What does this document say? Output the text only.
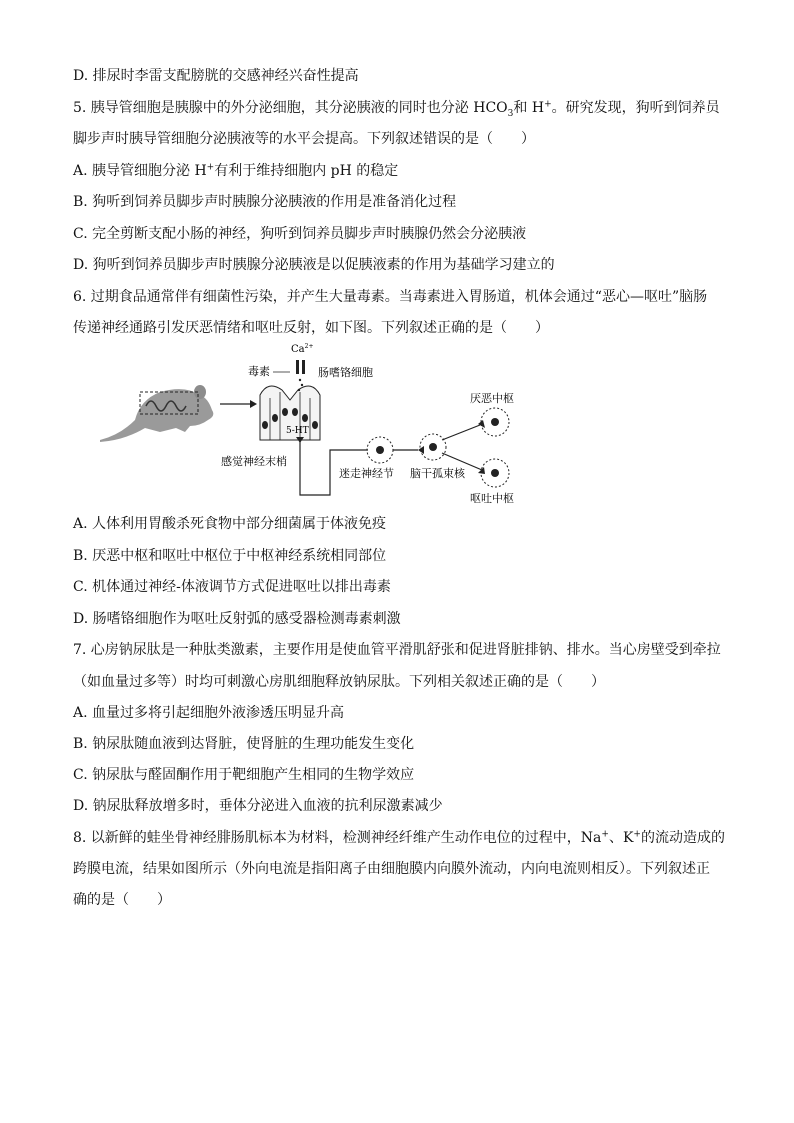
D. 排尿时李雷支配膀胱的交感神经兴奋性提高
5. 胰导管细胞是胰腺中的外分泌细胞，其分泌胰液的同时也分泌 $HCO_3$和 H+。研究发现，狗听到饲养员
脚步声时胰导管细胞分泌胰液等的水平会提高。下列叙述错误的是（　　）
A. 胰导管细胞分泌 H+有利于维持细胞内 pH 的稳定
B. 狗听到饲养员脚步声时胰腺分泌胰液的作用是准备消化过程
C. 完全剪断支配小肠的神经，狗听到饲养员脚步声时胰腺仍然会分泌胰液
D. 狗听到饲养员脚步声时胰腺分泌胰液是以促胰液素的作用为基础学习建立的
6. 过期食品通常伴有细菌性污染，并产生大量毒素。当毒素进入胃肠道，机体会通过“恶心—呕吐”脑肠
传递神经通路引发厌恶情绪和呕吐反射，如下图。下列叙述正确的是（　　）
$Ca^{2+}$
毒素	肠嗜铬细胞
5-HT
感觉神经末梢
迷走神经节 脑干孤束核
厌恶中枢
呕吐中枢
A. 人体利用胃酸杀死食物中部分细菌属于体液免疫
B. 厌恶中枢和呕吐中枢位于中枢神经系统相同部位
C. 机体通过神经-体液调节方式促进呕吐以排出毒素
D. 肠嗜铬细胞作为呕吐反射弧的感受器检测毒素刺激
7. 心房钠尿肽是一种肽类激素，主要作用是使血管平滑肌舒张和促进肾脏排钠、排水。当心房壁受到牵拉
（如血量过多等）时均可刺激心房肌细胞释放钠尿肽。下列相关叙述正确的是（　　）
A. 血量过多将引起细胞外液渗透压明显升高
B. 钠尿肽随血液到达肾脏，使肾脏的生理功能发生变化
C. 钠尿肽与醛固酮作用于靶细胞产生相同的生物学效应
D. 钠尿肽释放增多时，垂体分泌进入血液的抗利尿激素减少
8. 以新鲜的蛙坐骨神经腓肠肌标本为材料，检测神经纤维产生动作电位的过程中，Na+、K+的流动造成的
跨膜电流，结果如图所示（外向电流是指阳离子由细胞膜内向膜外流动，内向电流则相反）。下列叙述正
确的是（　　）
